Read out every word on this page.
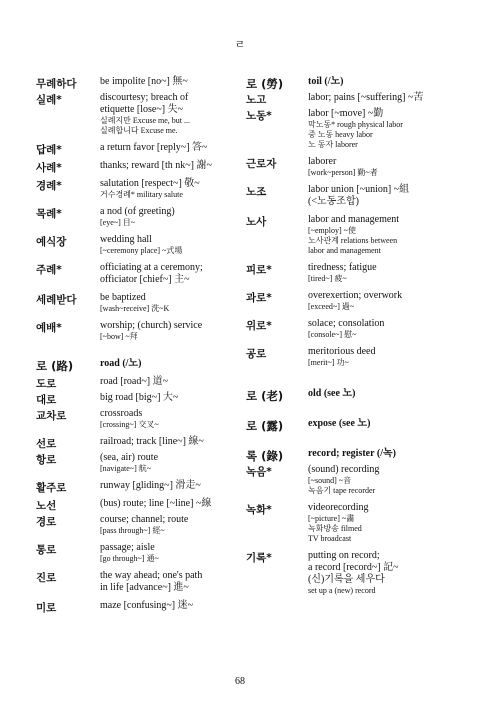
ㄹ
무례하다 be impolite [no~] 無~
실례*	discourtesy; breach of
etiquette [lose~] 失~
실례지만 Excuse me, but ...
실례합니다 Excuse me.
답례*	a return favor [reply~] 答~
사례*	thanks; reward [th nk~] 謝~
경례*	salutation [respect~] 敬~
거수경례* military salute
목례*	a nod (of greeting)
[eye~] 目~
예식장	wedding hall
[~ceremony place] ~式場
주례*	officiating at a ceremony;
officiator [chief~] 主~
세례받다 be baptized
[wash~receive] 洗~K
예배*	worship; (church) service
[~bow] ~拜
로 (路)	road (/노)
도로	road [road~] 道~
대로	big road [big~] 大~
교차로	crossroads
[crossing~] 交叉~
선로	railroad; track [line~] 線~
항로	(sea, air) route
[navigate~] 航~
활주로	runway [gliding~] 滑走~
노선	(bus) route; line [~line] ~線
경로	course; channel; route
[pass through~] 經~
통로	passage; aisle
[go through~] 通~
진로	the way ahead; one's path
in life [advance~] 進~
미로	maze [confusing~] 迷~
로 (勞) toil (/노)
노고	labor; pains [~suffering] ~苦
노동*	labor [~move] ~勤
막노동* rough physical labor
중 노동 heavy labor
노 동자 laborer
근로자	laborer
[work~person] 勤~者
노조	labor union [~union] ~組
(<노동조합)
노사	labor and management
[~employ] ~使
노사관계 relations between
labor and management
피로*	tiredness; fatigue
[tired~] 疲~
과로*	overexertion; overwork
[exceed~] 過~
위로*	solace; consolation
[console~] 慰~
공로	meritorious deed
[merit~] 功~
로 (老) old (see 노)
로 (露) expose (see 노)
록 (錄) record; register (/녹)
녹음*	(sound) recording
[~sound] ~音
녹음기 tape recorder
녹화*	videorecording
[~picture] ~畵
녹화방송 filmed
TV broadcast
기록*	putting on record;
a record [record~] 記~
(신)기록을 세우다
set up a (new) record
68
